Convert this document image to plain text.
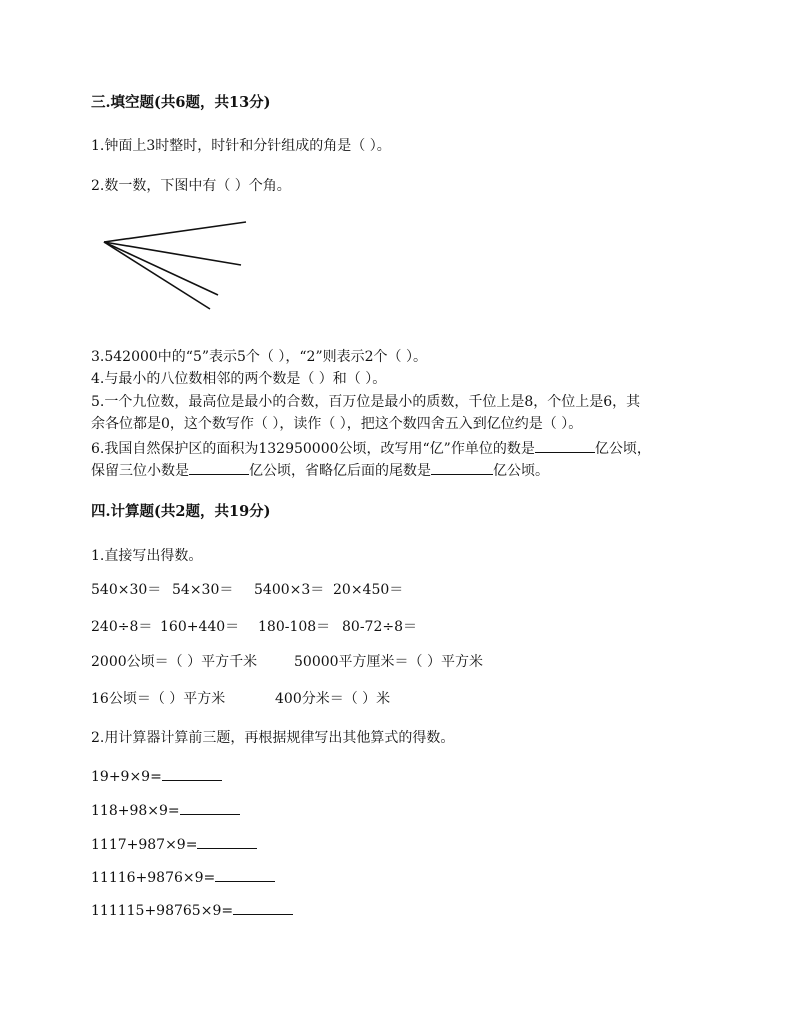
三.填空题(共6题，共13分)
1.钟面上3时整时，时针和分针组成的角是（ ）。
2.数一数，下图中有（ ）个角。
3.542000中的“5”表示5个（ ），“2”则表示2个（ ）。
4.与最小的八位数相邻的两个数是（ ）和（ ）。
5.一个九位数，最高位是最小的合数，百万位是最小的质数，千位上是8，个位上是6，其
余各位都是0，这个数写作（ ），读作（ ），把这个数四舍五入到亿位约是（ ）。
6.我国自然保护区的面积为132950000公顷，改写用“亿”作单位的数是	亿公顷，
保留三位小数是	亿公顷，省略亿后面的尾数是	亿公顷。
四.计算题(共2题，共19分)
1.直接写出得数。
540×30＝ 54×30＝ 5400×3＝ 20×450＝
240÷8＝ 160+440＝ 180-108＝ 80-72÷8＝
2000公顷＝（ ）平方千米	50000平方厘米＝（ ）平方米
16公顷＝（ ）平方米	400分米＝（ ）米
2.用计算器计算前三题，再根据规律写出其他算式的得数。
19+9×9=
118+98×9=
1117+987×9=
11116+9876×9=
111115+98765×9=
